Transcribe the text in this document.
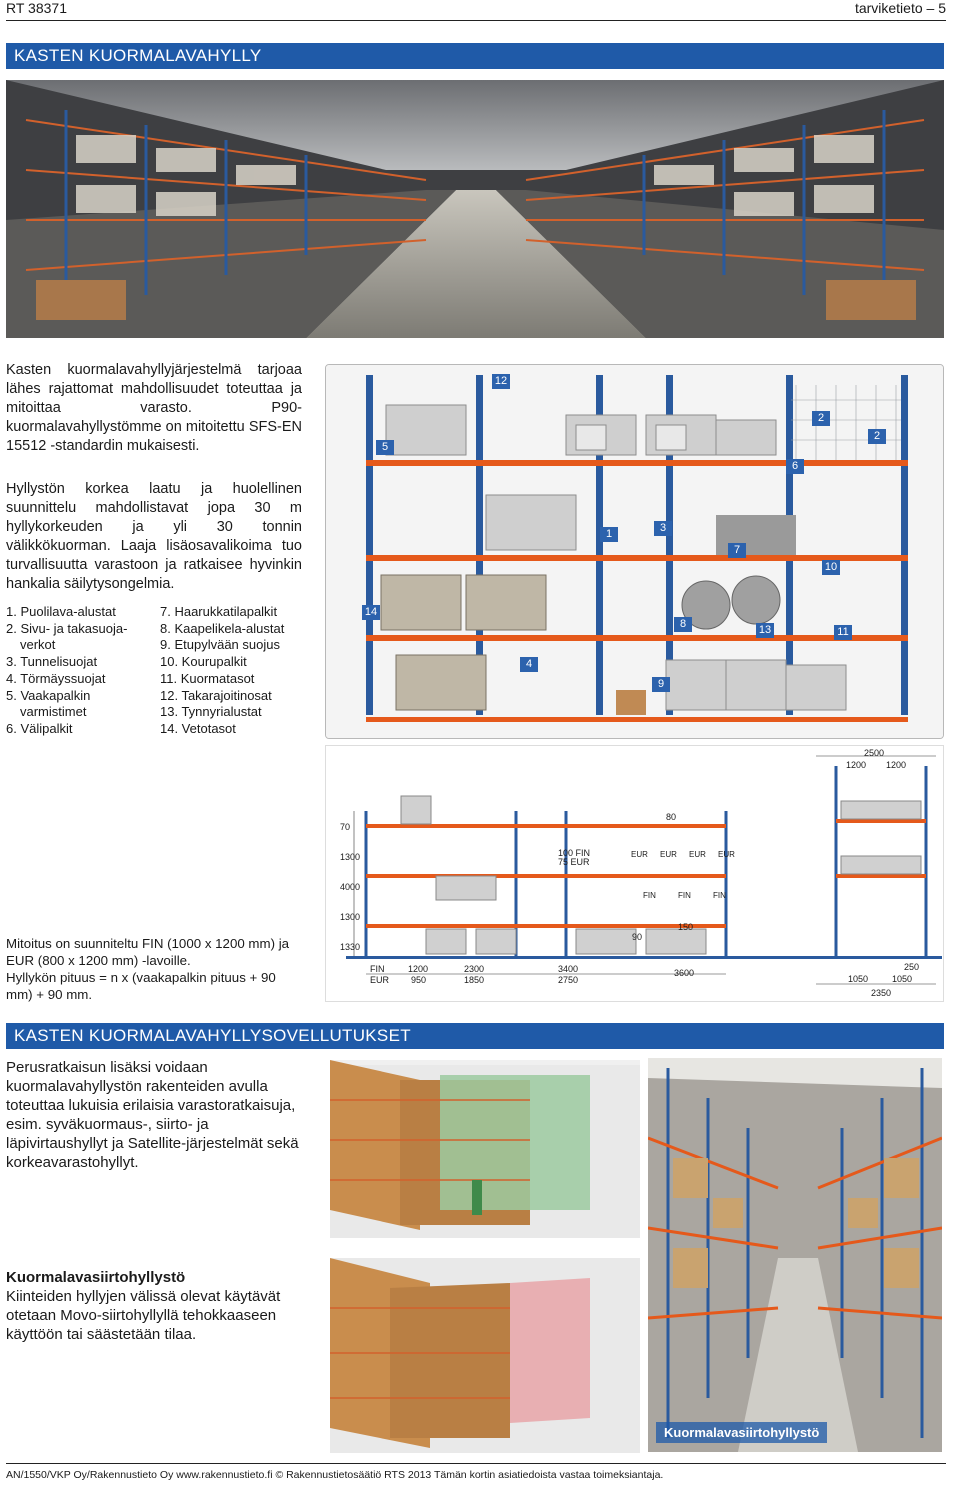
RT 38371	tarviketieto – 5
KASTEN KUORMALAVAHYLLY
Kasten kuormalavahyllyjärjestelmä tarjoaa lähes rajattomat mahdollisuudet toteuttaa ja mitoittaa varasto. P90-kuormalavahyllystömme on mitoitettu SFS-EN 15512 -standardin mukaisesti.
Hyllystön korkea laatu ja huolellinen suunnittelu mahdollistavat jopa 30 m hyllykorkeuden ja yli 30 tonnin välikkökuorman. Laaja lisäosavalikoima tuo turvallisuutta varastoon ja ratkaisee hyvinkin hankalia säilytysongelmia.
1. Puolilava-alustat
2. Sivu- ja takasuoja-
verkot
3. Tunnelisuojat
4. Törmäyssuojat
5. Vaakapalkin
varmistimet
6. Välipalkit
7. Haarukkatilapalkit
8. Kaapelikela-alustat
9. Etupylvään suojus
10. Kourupalkit
11. Kuormatasot
12. Takarajoitinosat
13. Tynnyrialustat
14. Vetotasot
12
2
2
5
6
1	3
7
10
14
8	13	11
4
9
70
1300
4000
1300
1330
2500
1200 1200
80
100 FIN
75 EUR
90
150
EUR EUR EUR EUR
FIN	FIN	FIN
FIN	1200	2300	3400	3600
EUR 950	1850	2750
250
1050	1050
2350
Mitoitus on suunniteltu FIN (1000 x 1200 mm) ja EUR (800 x 1200 mm) -lavoille.
Hyllykön pituus = n x (vaakapalkin pituus + 90 mm) + 90 mm.
KASTEN KUORMALAVAHYLLYSOVELLUTUKSET
Perusratkaisun lisäksi voidaan kuormalavahyllystön rakenteiden avulla toteuttaa lukuisia erilaisia varastoratkaisuja, esim. syväkuormaus-, siirto- ja läpivirtaushyllyt ja Satellite-järjestelmät sekä korkeavarastohyllyt.
Kuormalavasiirtohyllystö
Kiinteiden hyllyjen välissä olevat käytävät otetaan Movo-siirtohyllyllä tehokkaaseen käyttöön tai säästetään tilaa.
Kuormalavasiirtohyllystö
AN/1550/VKP Oy/Rakennustieto Oy www.rakennustieto.fi © Rakennustietosäätiö RTS 2013 Tämän kortin asiatiedoista vastaa toimeksiantaja.
